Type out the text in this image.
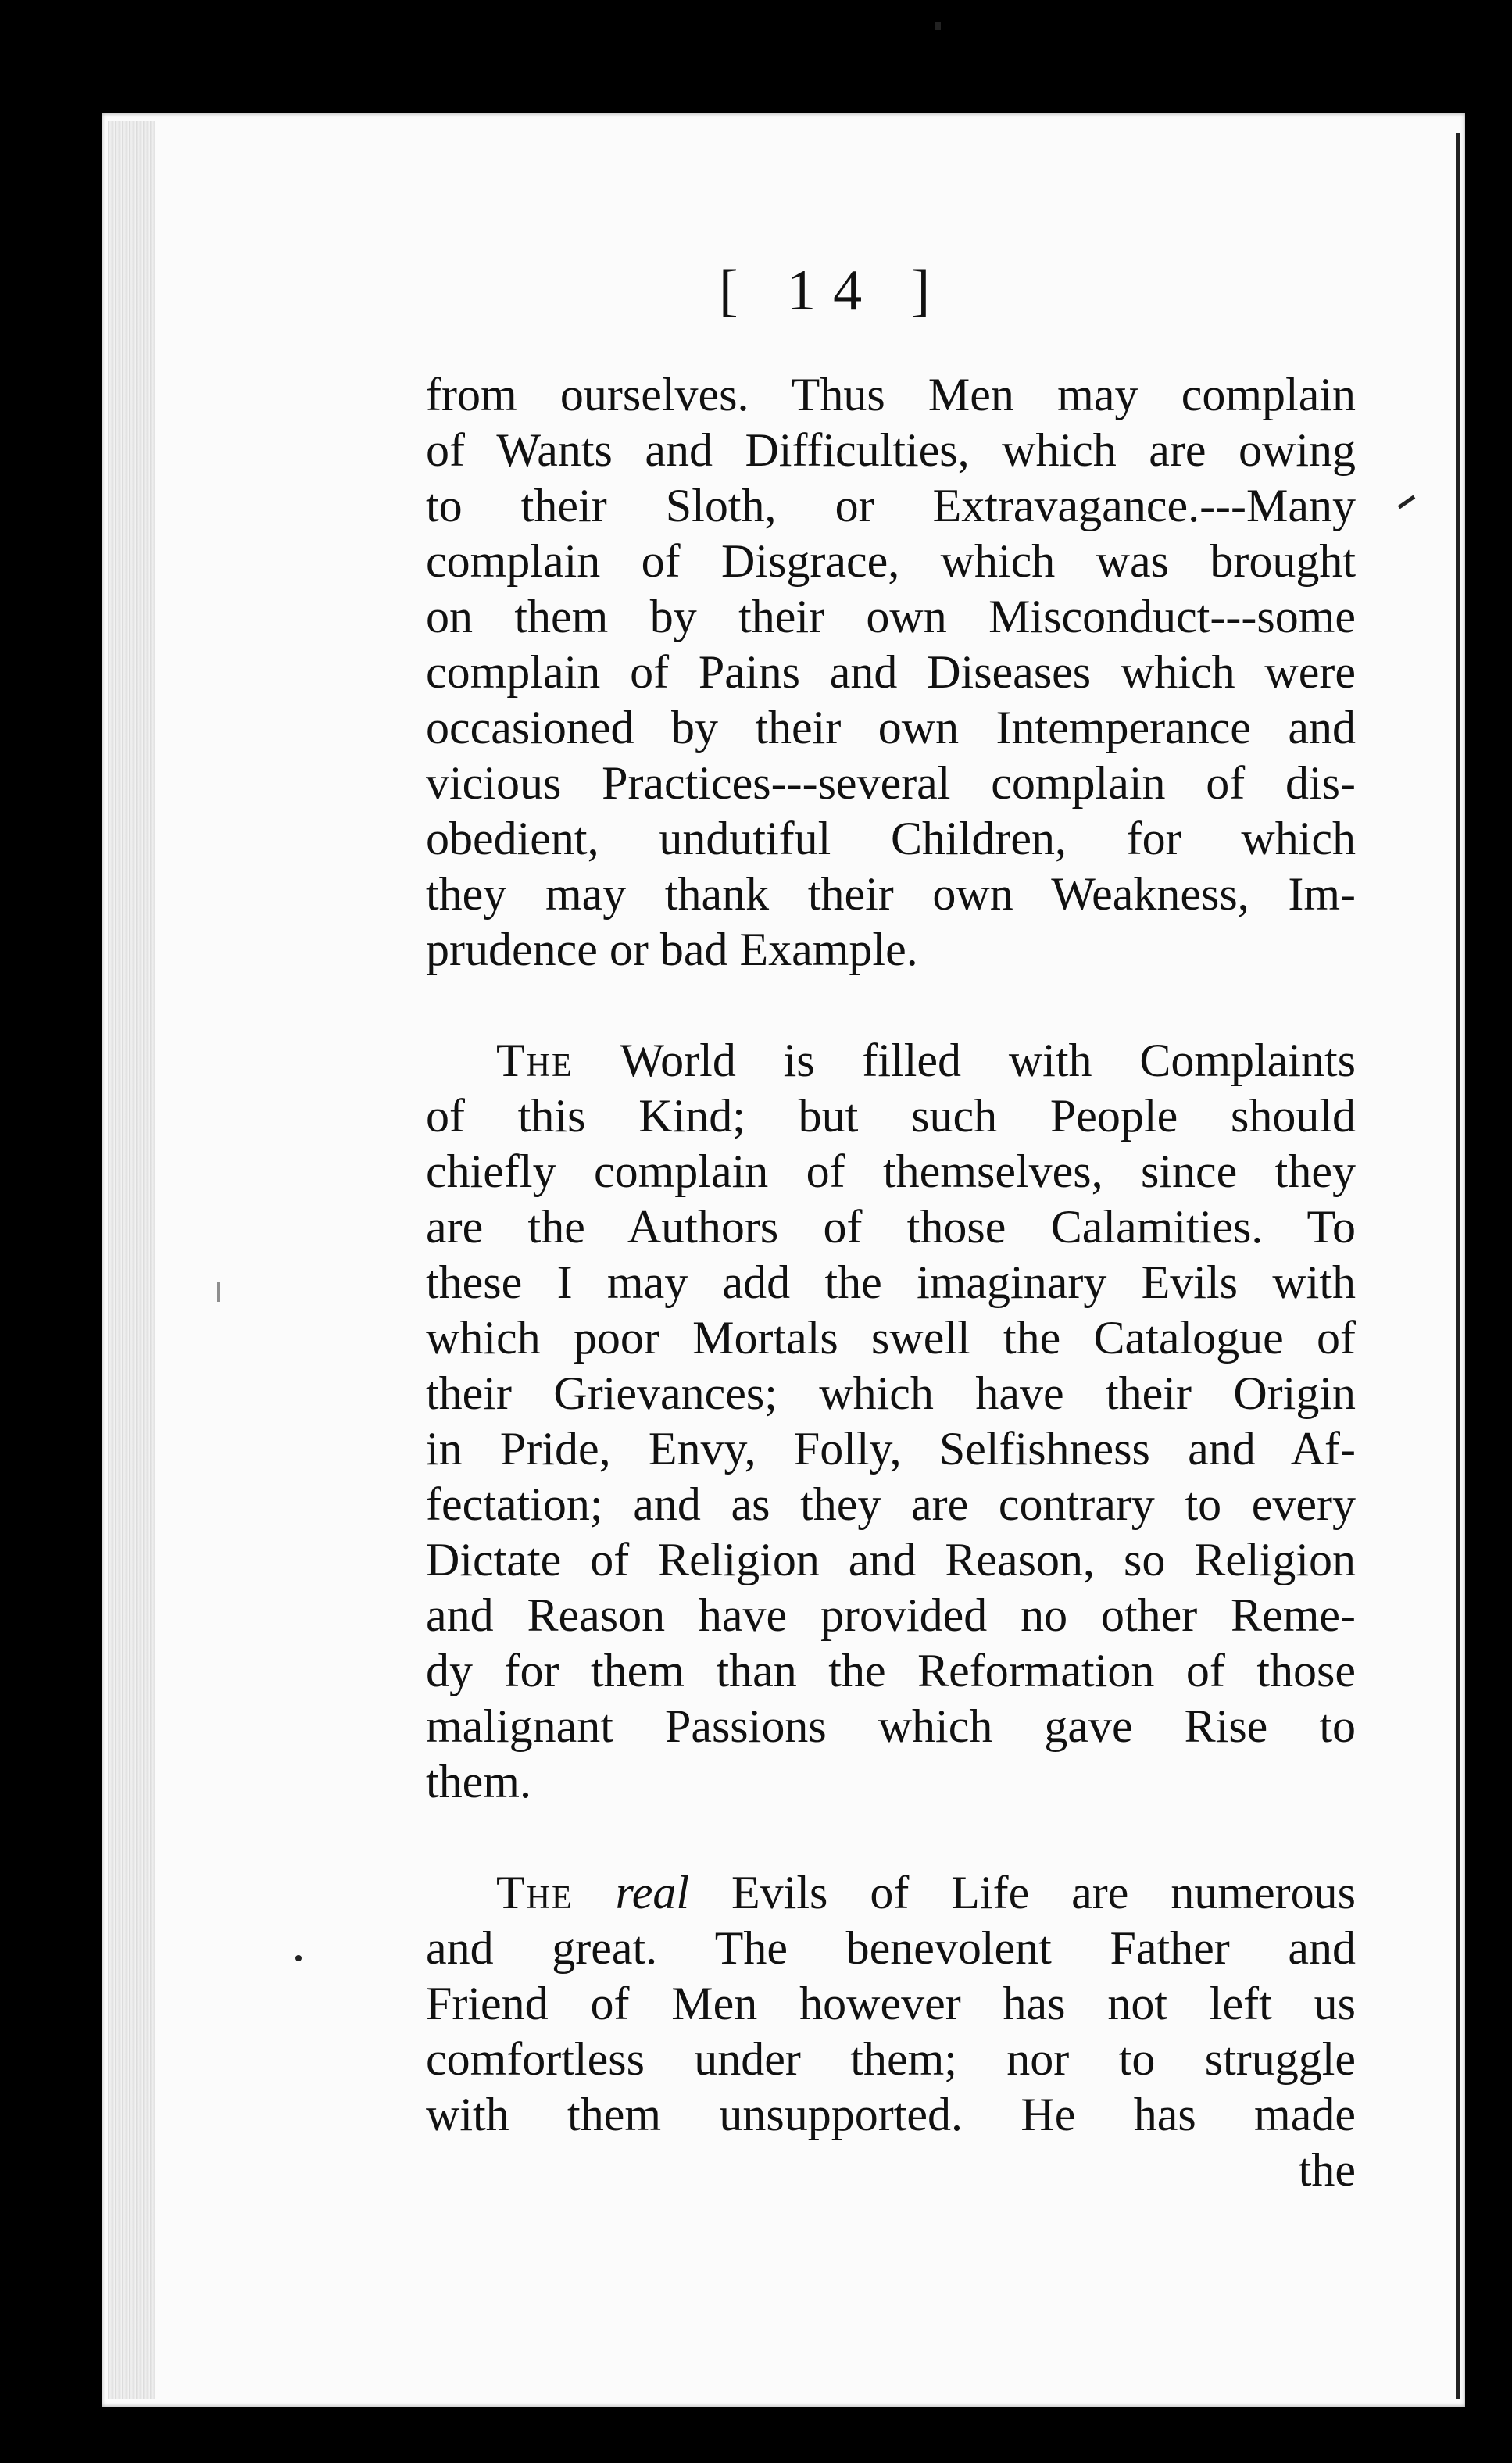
[ 14 ]
from ourselves. Thus Men may complain
of Wants and Difficulties, which are owing
to their Sloth, or Extravagance.---Many
complain of Disgrace, which was brought
on them by their own Misconduct---some
complain of Pains and Diseases which were
occasioned by their own Intemperance and
vicious Practices---several complain of dis-
obedient, undutiful Children, for which
they may thank their own Weakness, Im-
prudence or bad Example.
The World is filled with Complaints
of this Kind; but such People should
chiefly complain of themselves, since they
are the Authors of those Calamities. To
these I may add the imaginary Evils with
which poor Mortals swell the Catalogue of
their Grievances; which have their Origin
in Pride, Envy, Folly, Selfishness and Af-
fectation; and as they are contrary to every
Dictate of Religion and Reason, so Religion
and Reason have provided no other Reme-
dy for them than the Reformation of those
malignant Passions which gave Rise to
them.
The real Evils of Life are numerous
and great. The benevolent Father and
Friend of Men however has not left us
comfortless under them; nor to struggle
with them unsupported. He has made
the
